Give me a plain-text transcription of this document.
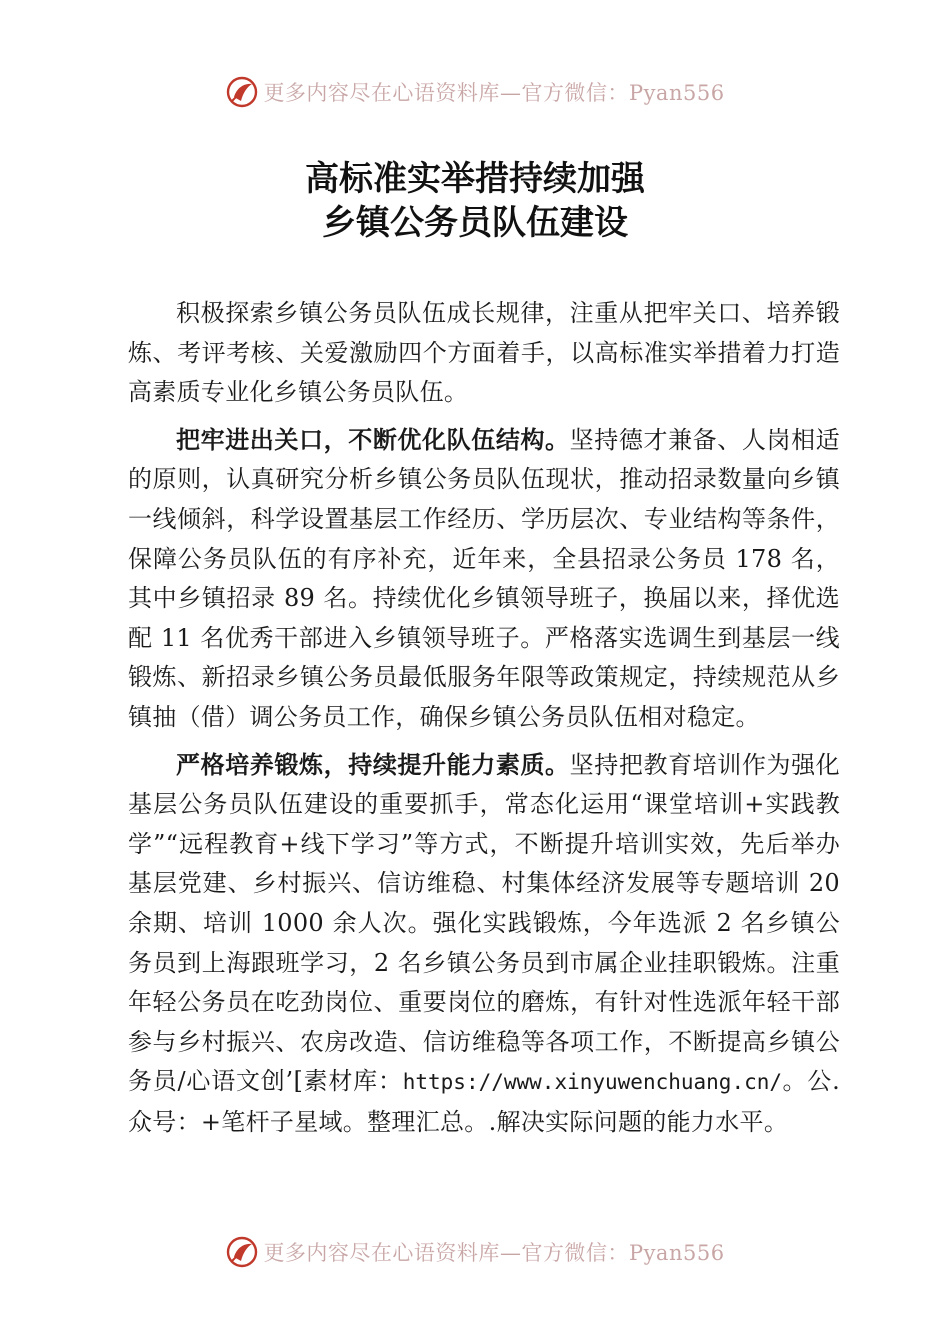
更多内容尽在心语资料库—官方微信：Pyan556
高标准实举措持续加强
乡镇公务员队伍建设

积极探索乡镇公务员队伍成长规律，注重从把牢关口、培养锻炼、考评考核、关爱激励四个方面着手，以高标准实举措着力打造高素质专业化乡镇公务员队伍。

把牢进出关口，不断优化队伍结构。坚持德才兼备、人岗相适的原则，认真研究分析乡镇公务员队伍现状，推动招录数量向乡镇一线倾斜，科学设置基层工作经历、学历层次、专业结构等条件，保障公务员队伍的有序补充，近年来，全县招录公务员 178 名，其中乡镇招录 89 名。持续优化乡镇领导班子，换届以来，择优选配 11 名优秀干部进入乡镇领导班子。严格落实选调生到基层一线锻炼、新招录乡镇公务员最低服务年限等政策规定，持续规范从乡镇抽（借）调公务员工作，确保乡镇公务员队伍相对稳定。

严格培养锻炼，持续提升能力素质。坚持把教育培训作为强化基层公务员队伍建设的重要抓手，常态化运用“课堂培训+实践教学”“远程教育+线下学习”等方式，不断提升培训实效，先后举办基层党建、乡村振兴、信访维稳、村集体经济发展等专题培训 20 余期、培训 1000 余人次。强化实践锻炼，今年选派 2 名乡镇公务员到上海跟班学习，2 名乡镇公务员到市属企业挂职锻炼。注重年轻公务员在吃劲岗位、重要岗位的磨炼，有针对性选派年轻干部参与乡村振兴、农房改造、信访维稳等各项工作，不断提高乡镇公务员/心语文创’[素材库：https://www.xinyuwenchuang.cn/。公.众号：+笔杆子星域。整理汇总。.解决实际问题的能力水平。

更多内容尽在心语资料库—官方微信：Pyan556
